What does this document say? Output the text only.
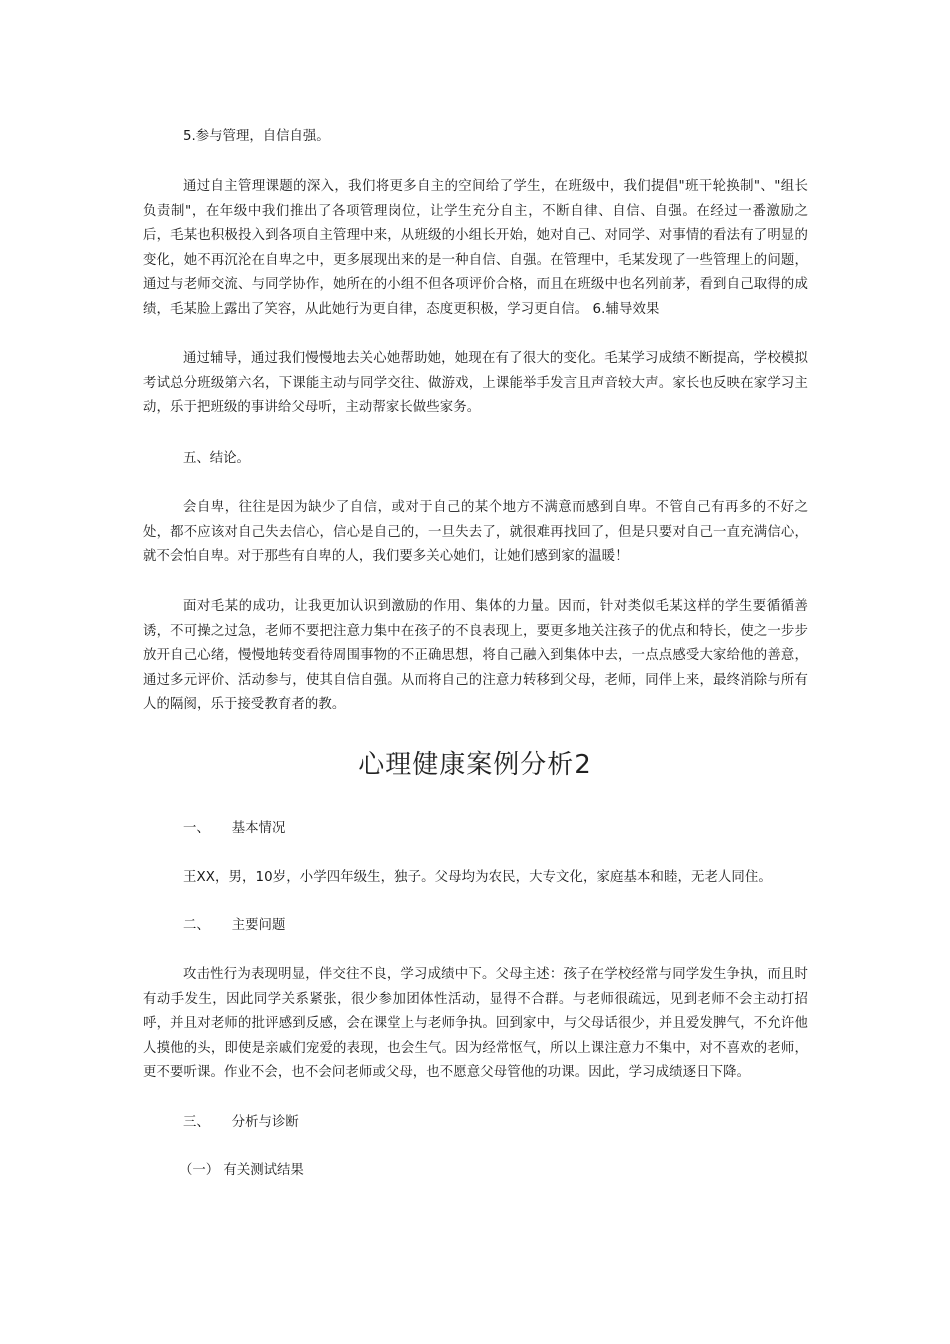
5.参与管理，自信自强。

通过自主管理课题的深入，我们将更多自主的空间给了学生，在班级中，我们提倡"班干轮换制"、"组长负责制"，在年级中我们推出了各项管理岗位，让学生充分自主，不断自律、自信、自强。在经过一番激励之后，毛某也积极投入到各项自主管理中来，从班级的小组长开始，她对自己、对同学、对事情的看法有了明显的变化，她不再沉沦在自卑之中，更多展现出来的是一种自信、自强。在管理中，毛某发现了一些管理上的问题，通过与老师交流、与同学协作，她所在的小组不但各项评价合格，而且在班级中也名列前茅，看到自己取得的成绩，毛某脸上露出了笑容，从此她行为更自律，态度更积极，学习更自信。 6.辅导效果

通过辅导，通过我们慢慢地去关心她帮助她，她现在有了很大的变化。毛某学习成绩不断提高，学校模拟考试总分班级第六名，下课能主动与同学交往、做游戏，上课能举手发言且声音较大声。家长也反映在家学习主动，乐于把班级的事讲给父母听，主动帮家长做些家务。

五、结论。

会自卑，往往是因为缺少了自信，或对于自己的某个地方不满意而感到自卑。不管自己有再多的不好之处，都不应该对自己失去信心，信心是自己的，一旦失去了，就很难再找回了，但是只要对自己一直充满信心，就不会怕自卑。对于那些有自卑的人，我们要多关心她们，让她们感到家的温暖！

面对毛某的成功，让我更加认识到激励的作用、集体的力量。因而，针对类似毛某这样的学生要循循善诱，不可操之过急，老师不要把注意力集中在孩子的不良表现上，要更多地关注孩子的优点和特长，使之一步步放开自己心绪，慢慢地转变看待周围事物的不正确思想，将自己融入到集体中去，一点点感受大家给他的善意，通过多元评价、活动参与，使其自信自强。从而将自己的注意力转移到父母，老师，同伴上来，最终消除与所有人的隔阂，乐于接受教育者的教。

心理健康案例分析2

一、 基本情况

王XX，男，10岁，小学四年级生，独子。父母均为农民，大专文化，家庭基本和睦，无老人同住。

二、 主要问题

攻击性行为表现明显，伴交往不良，学习成绩中下。父母主述：孩子在学校经常与同学发生争执，而且时有动手发生，因此同学关系紧张，很少参加团体性活动，显得不合群。与老师很疏远，见到老师不会主动打招呼，并且对老师的批评感到反感，会在课堂上与老师争执。回到家中，与父母话很少，并且爱发脾气，不允许他人摸他的头，即使是亲戚们宠爱的表现，也会生气。因为经常怄气，所以上课注意力不集中，对不喜欢的老师，更不要听课。作业不会，也不会问老师或父母，也不愿意父母管他的功课。因此，学习成绩逐日下降。

三、 分析与诊断

（一） 有关测试结果
